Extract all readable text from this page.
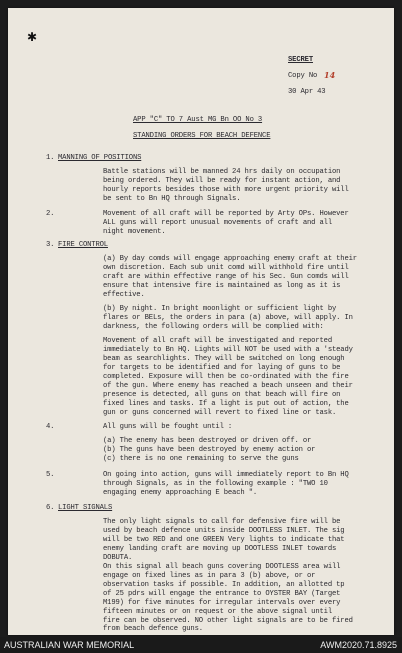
✱
SECRET
Copy No 14
30 Apr 43
APP "C" TO 7 Aust MG Bn OO No 3
STANDING ORDERS FOR BEACH DEFENCE
1. MANNING OF POSITIONS
Battle stations will be manned 24 hrs daily on occupation
being ordered. They will be ready for instant action, and
hourly reports besides those with more urgent priority will
be sent to Bn HQ through Signals.
2.	Movement of all craft will be reported by Arty OPs. However
ALL guns will report unusual movements of craft and all
night movement.
3. FIRE CONTROL
(a) By day comds will engage approaching enemy craft at their
own discretion. Each sub unit comd will withhold fire until
craft are within effective range of his Sec. Gun comds will
ensure that intensive fire is maintained as long as it is
effective.
(b) By night. In bright moonlight or sufficient light by
flares or BELs, the orders in para (a) above, will apply. In
darkness, the following orders will be complied with:
Movement of all craft will be investigated and reported
immediately to Bn HQ. Lights will NOT be used with a 'steady
beam as searchlights. They will be switched on long enough
for targets to be identified and for laying of guns to be
completed. Exposure will then be co-ordinated with the fire
of the gun. Where enemy has reached a beach unseen and their
presence is detected, all guns on that beach will fire on
fixed lines and tasks. If a light is put out of action, the
gun or guns concerned will revert to fixed line or task.
4.	All guns will be fought until :
(a) The enemy has been destroyed or driven off. or
(b) The guns have been destroyed by enemy action or
(c) there is no one remaining to serve the guns
5.	On going into action, guns will immediately report to Bn HQ
through Signals, as in the following example : "TWO 10
engaging enemy approaching E beach ".
6. LIGHT SIGNALS
The only light signals to call for defensive fire will be
used by beach defence units inside DOOTLESS INLET. The sig
will be two RED and one GREEN Very lights to indicate that
enemy landing craft are moving up DOOTLESS INLET towards
DOBUTA.
On this signal all beach guns covering DOOTLESS area will
engage on fixed lines as in para 3 (b) above, or or
observation tasks if possible. In addition, an allotted tp
of 25 pdrs will engage the entrance to OYSTER BAY (Target
M199) for five minutes for irregular intervals over every
fifteen minutes or on request or the above signal until
fire can be observed. NO other light signals are to be fired
from beach defence guns.
AUSTRALIAN WAR MEMORIAL	AWM2020.71.8925
